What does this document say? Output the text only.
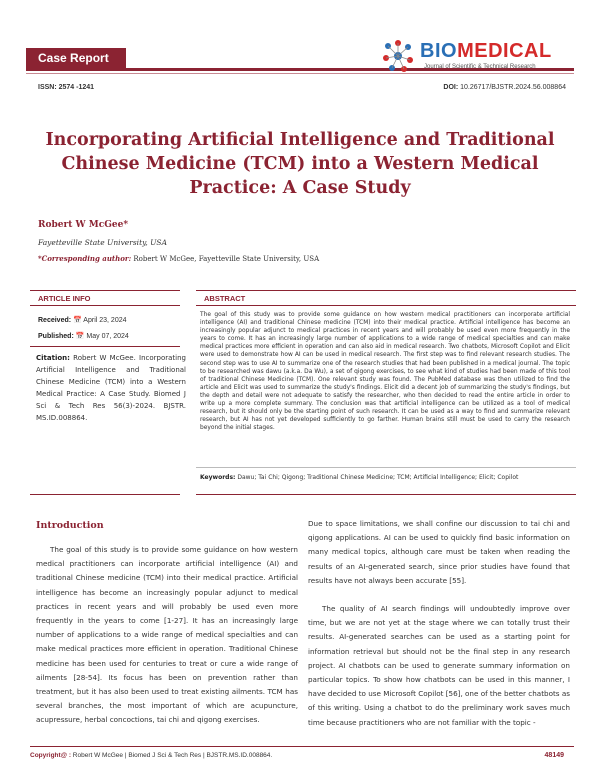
Case Report	BIOMEDICAL
Journal of Scientific & Technical Research
ISSN: 2574 -1241	DOI: 10.26717/BJSTR.2024.56.008864
Incorporating Artificial Intelligence and Traditional Chinese Medicine (TCM) into a Western Medical Practice: A Case Study
Robert W McGee*
Fayetteville State University, USA
*Corresponding author: Robert W McGee, Fayetteville State University, USA
ARTICLE INFO	ABSTRACT
Received: 📅 April 23, 2024
Published: 📅 May 07, 2024
Citation: Robert W McGee. Incorporating Artificial Intelligence and Traditional Chinese Medicine (TCM) into a Western Medical Practice: A Case Study. Biomed J Sci & Tech Res 56(3)-2024. BJSTR. MS.ID.008864.
The goal of this study was to provide some guidance on how western medical practitioners can incorporate artificial intelligence (AI) and traditional Chinese medicine (TCM) into their medical practice. Artificial intelligence has become an increasingly popular adjunct to medical practices in recent years and will probably be used even more frequently in the years to come. It has an increasingly large number of applications to a wide range of medical specialties and can make medical practices more efficient in operation and can also aid in medical research. Two chatbots, Microsoft Copilot and Elicit were used to demonstrate how AI can be used in medical research. The first step was to find relevant research studies. The second step was to use AI to summarize one of the research studies that had been published in a medical journal. The topic to be researched was dawu (a.k.a. Da Wu), a set of qigong exercises, to see what kind of studies had been made of this tool of traditional Chinese Medicine (TCM). One relevant study was found. The PubMed database was then utilized to find the article and Elicit was used to summarize the study's findings. Elicit did a decent job of summarizing the study's findings, but the depth and detail were not adequate to satisfy the researcher, who then decided to read the entire article in order to write up a more complete summary. The conclusion was that artificial intelligence can be utilized as a tool of medical research, but it should only be the starting point of such research. It can be used as a way to find and summarize relevant research, but AI has not yet developed sufficiently to go farther. Human brains still must be used to carry the research beyond the initial stages.
Keywords: Dawu; Tai Chi; Qigong; Traditional Chinese Medicine; TCM; Artificial Intelligence; Elicit; Copilot
Introduction

The goal of this study is to provide some guidance on how western medical practitioners can incorporate artificial intelligence (AI) and traditional Chinese medicine (TCM) into their medical practice. Artificial intelligence has become an increasingly popular adjunct to medical practices in recent years and will probably be used even more frequently in the years to come [1-27]. It has an increasingly large number of applications to a wide range of medical specialties and can make medical practices more efficient in operation. Traditional Chinese medicine has been used for centuries to treat or cure a wide range of ailments [28-54]. Its focus has been on prevention rather than treatment, but it has also been used to treat existing ailments. TCM has several branches, the most important of which are acupuncture, acupressure, herbal concoctions, tai chi and qigong exercises.

Due to space limitations, we shall confine our discussion to tai chi and qigong applications. AI can be used to quickly find basic information on many medical topics, although care must be taken when reading the results of an AI-generated search, since prior studies have found that results have not always been accurate [55].

The quality of AI search findings will undoubtedly improve over time, but we are not yet at the stage where we can totally trust their results. AI-generated searches can be used as a starting point for information retrieval but should not be the final step in any research project. AI chatbots can be used to generate summary information on particular topics. To show how chatbots can be used in this manner, I have decided to use Microsoft Copilot [56], one of the better chatbots as of this writing. Using a chatbot to do the preliminary work saves much time because practitioners who are not familiar with the topic -

Copyright@ : Robert W McGee | Biomed J Sci & Tech Res | BJSTR.MS.ID.008864.	48149
